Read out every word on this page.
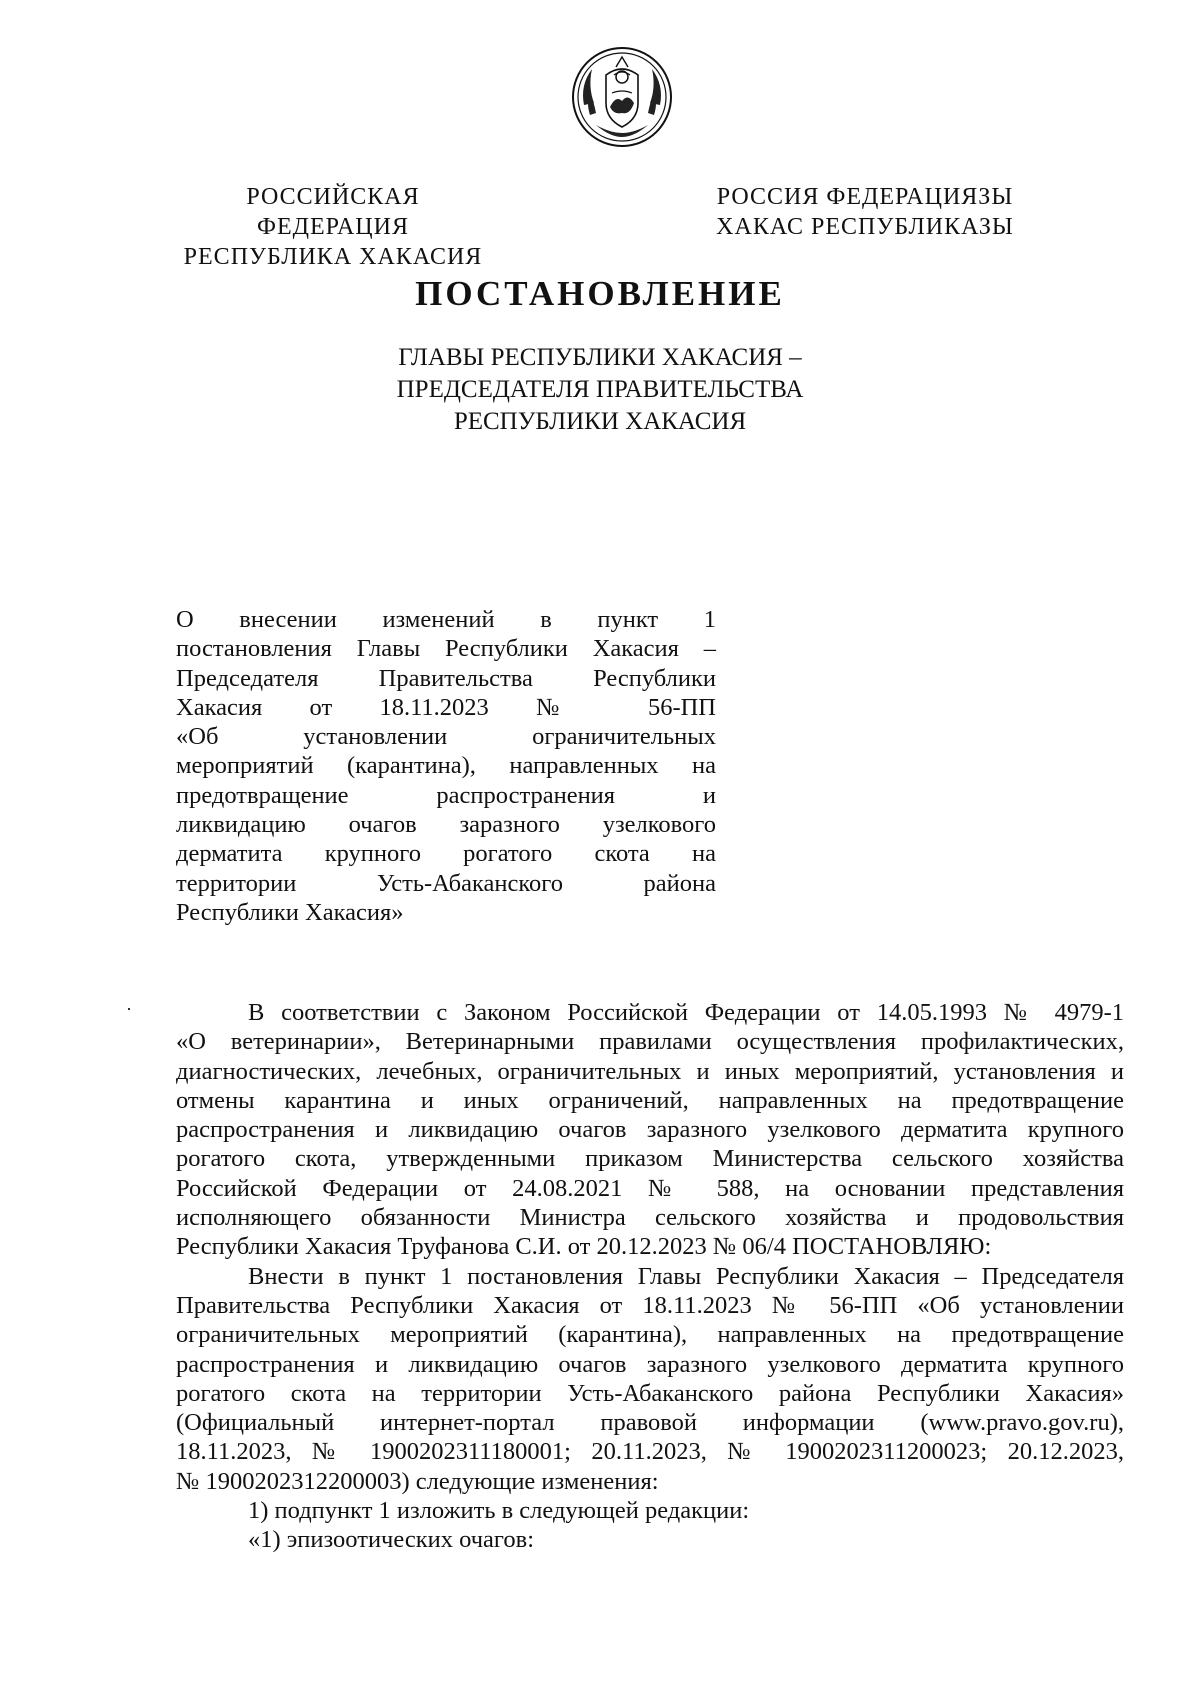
РОССИЙСКАЯ ФЕДЕРАЦИЯ
РЕСПУБЛИКА ХАКАСИЯ
РОССИЯ ФЕДЕРАЦИЯЗЫ
ХАКАС РЕСПУБЛИКАЗЫ
ПОСТАНОВЛЕНИЕ
ГЛАВЫ РЕСПУБЛИКИ ХАКАСИЯ –
ПРЕДСЕДАТЕЛЯ ПРАВИТЕЛЬСТВА
РЕСПУБЛИКИ ХАКАСИЯ
О внесении изменений в пункт 1
постановления Главы Республики Хакасия –
Председателя Правительства Республики
Хакасия от 18.11.2023 № 56-ПП
«Об установлении ограничительных
мероприятий (карантина), направленных на
предотвращение распространения и
ликвидацию очагов заразного узелкового
дерматита крупного рогатого скота на
территории Усть-Абаканского района
Республики Хакасия»
В соответствии с Законом Российской Федерации от 14.05.1993 № 4979-1
«О ветеринарии», Ветеринарными правилами осуществления профилактических,
диагностических, лечебных, ограничительных и иных мероприятий, установления и
отмены карантина и иных ограничений, направленных на предотвращение
распространения и ликвидацию очагов заразного узелкового дерматита крупного
рогатого скота, утвержденными приказом Министерства сельского хозяйства
Российской Федерации от 24.08.2021 № 588, на основании представления
исполняющего обязанности Министра сельского хозяйства и продовольствия
Республики Хакасия Труфанова С.И. от 20.12.2023 № 06/4 ПОСТАНОВЛЯЮ:
Внести в пункт 1 постановления Главы Республики Хакасия – Председателя
Правительства Республики Хакасия от 18.11.2023 № 56-ПП «Об установлении
ограничительных мероприятий (карантина), направленных на предотвращение
распространения и ликвидацию очагов заразного узелкового дерматита крупного
рогатого скота на территории Усть-Абаканского района Республики Хакасия»
(Официальный интернет-портал правовой информации (www.pravo.gov.ru),
18.11.2023, № 1900202311180001; 20.11.2023, № 1900202311200023; 20.12.2023,
№ 1900202312200003) следующие изменения:
1) подпункт 1 изложить в следующей редакции:
«1) эпизоотических очагов:
